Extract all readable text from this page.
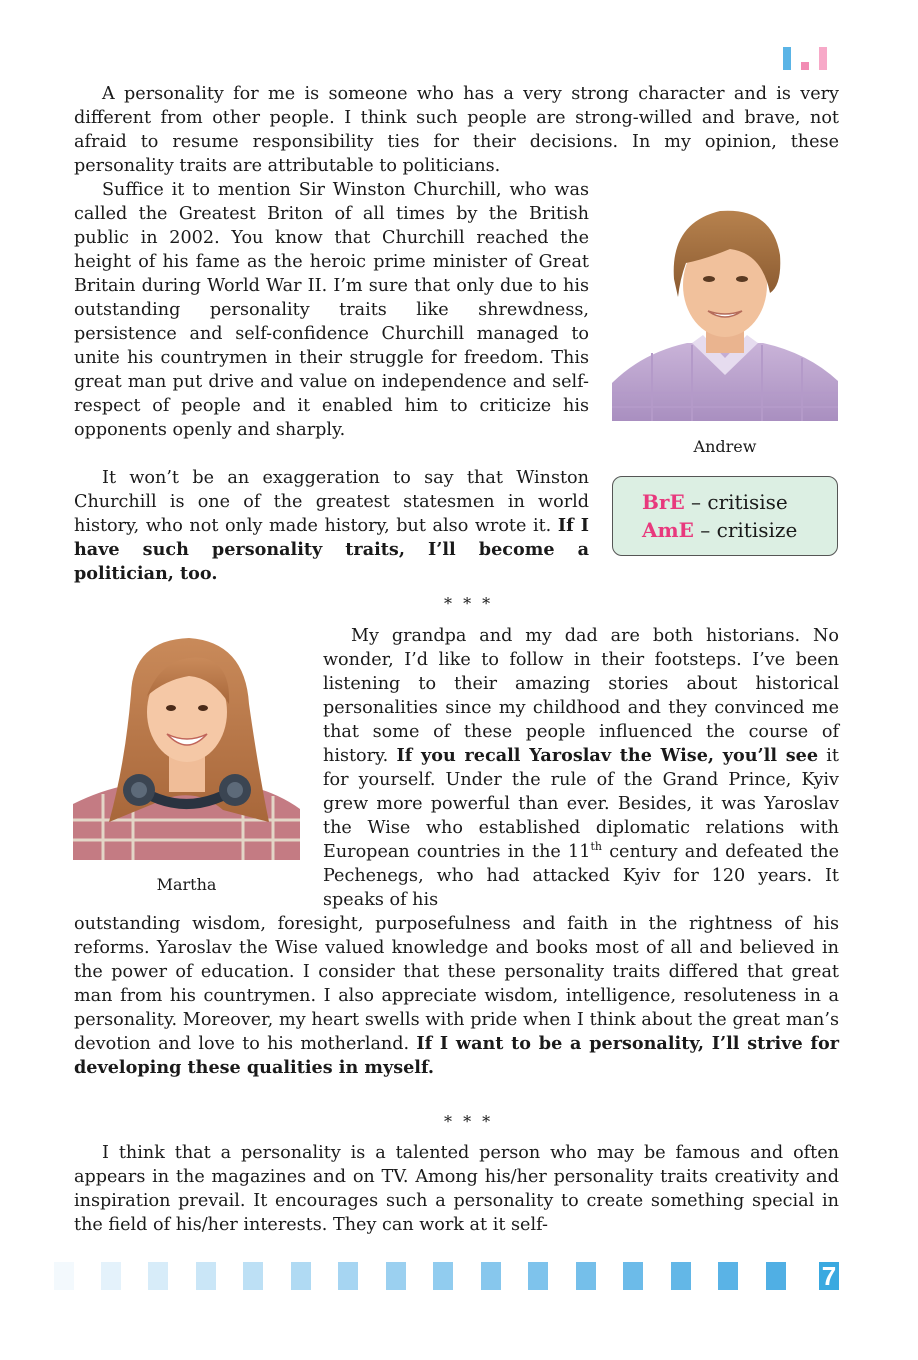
A personality for me is someone who has a very strong character and is very different from other people. I think such people are strong-willed and brave, not afraid to resume responsibility ties for their decisions. In my opinion, these personality traits are attributable to politicians.

Suffice it to mention Sir Winston Churchill, who was called the Greatest Briton of all times by the British public in 2002. You know that Churchill reached the height of his fame as the heroic prime minister of Great Britain during World War II. I’m sure that only due to his outstanding personality traits like shrewdness, persistence and self-confidence Churchill managed to unite his countrymen in their struggle for freedom. This great man put drive and value on independence and self-respect of people and it enabled him to criticize his opponents openly and sharply.

It won’t be an exaggeration to say that Winston Churchill is one of the greatest statesmen in world history, who not only made history, but also wrote it. If I have such personality traits, I’ll become a politician, too.

Andrew
BrE – critisise
AmE – critisize
* * *
Martha

My grandpa and my dad are both historians. No wonder, I’d like to follow in their footsteps. I’ve been listening to their amazing stories about historical personalities since my childhood and they convinced me that some of these people influenced the course of history. If you recall Yaroslav the Wise, you’ll see it for yourself. Under the rule of the Grand Prince, Kyiv grew more powerful than ever. Besides, it was Yaroslav the Wise who established diplomatic relations with European countries in the 11th century and defeated the Pechenegs, who had attacked Kyiv for 120 years. It speaks of his

outstanding wisdom, foresight, purposefulness and faith in the rightness of his reforms. Yaroslav the Wise valued knowledge and books most of all and believed in the power of education. I consider that these personality traits differed that great man from his countrymen. I also appreciate wisdom, intelligence, resoluteness in a personality. Moreover, my heart swells with pride when I think about the great man’s devotion and love to his motherland. If I want to be a personality, I’ll strive for developing these qualities in myself.

* * *

I think that a personality is a talented person who may be famous and often appears in the magazines and on TV. Among his/her personality traits creativity and inspiration prevail. It encourages such a personality to create something special in the field of his/her interests. They can work at it self-

7
